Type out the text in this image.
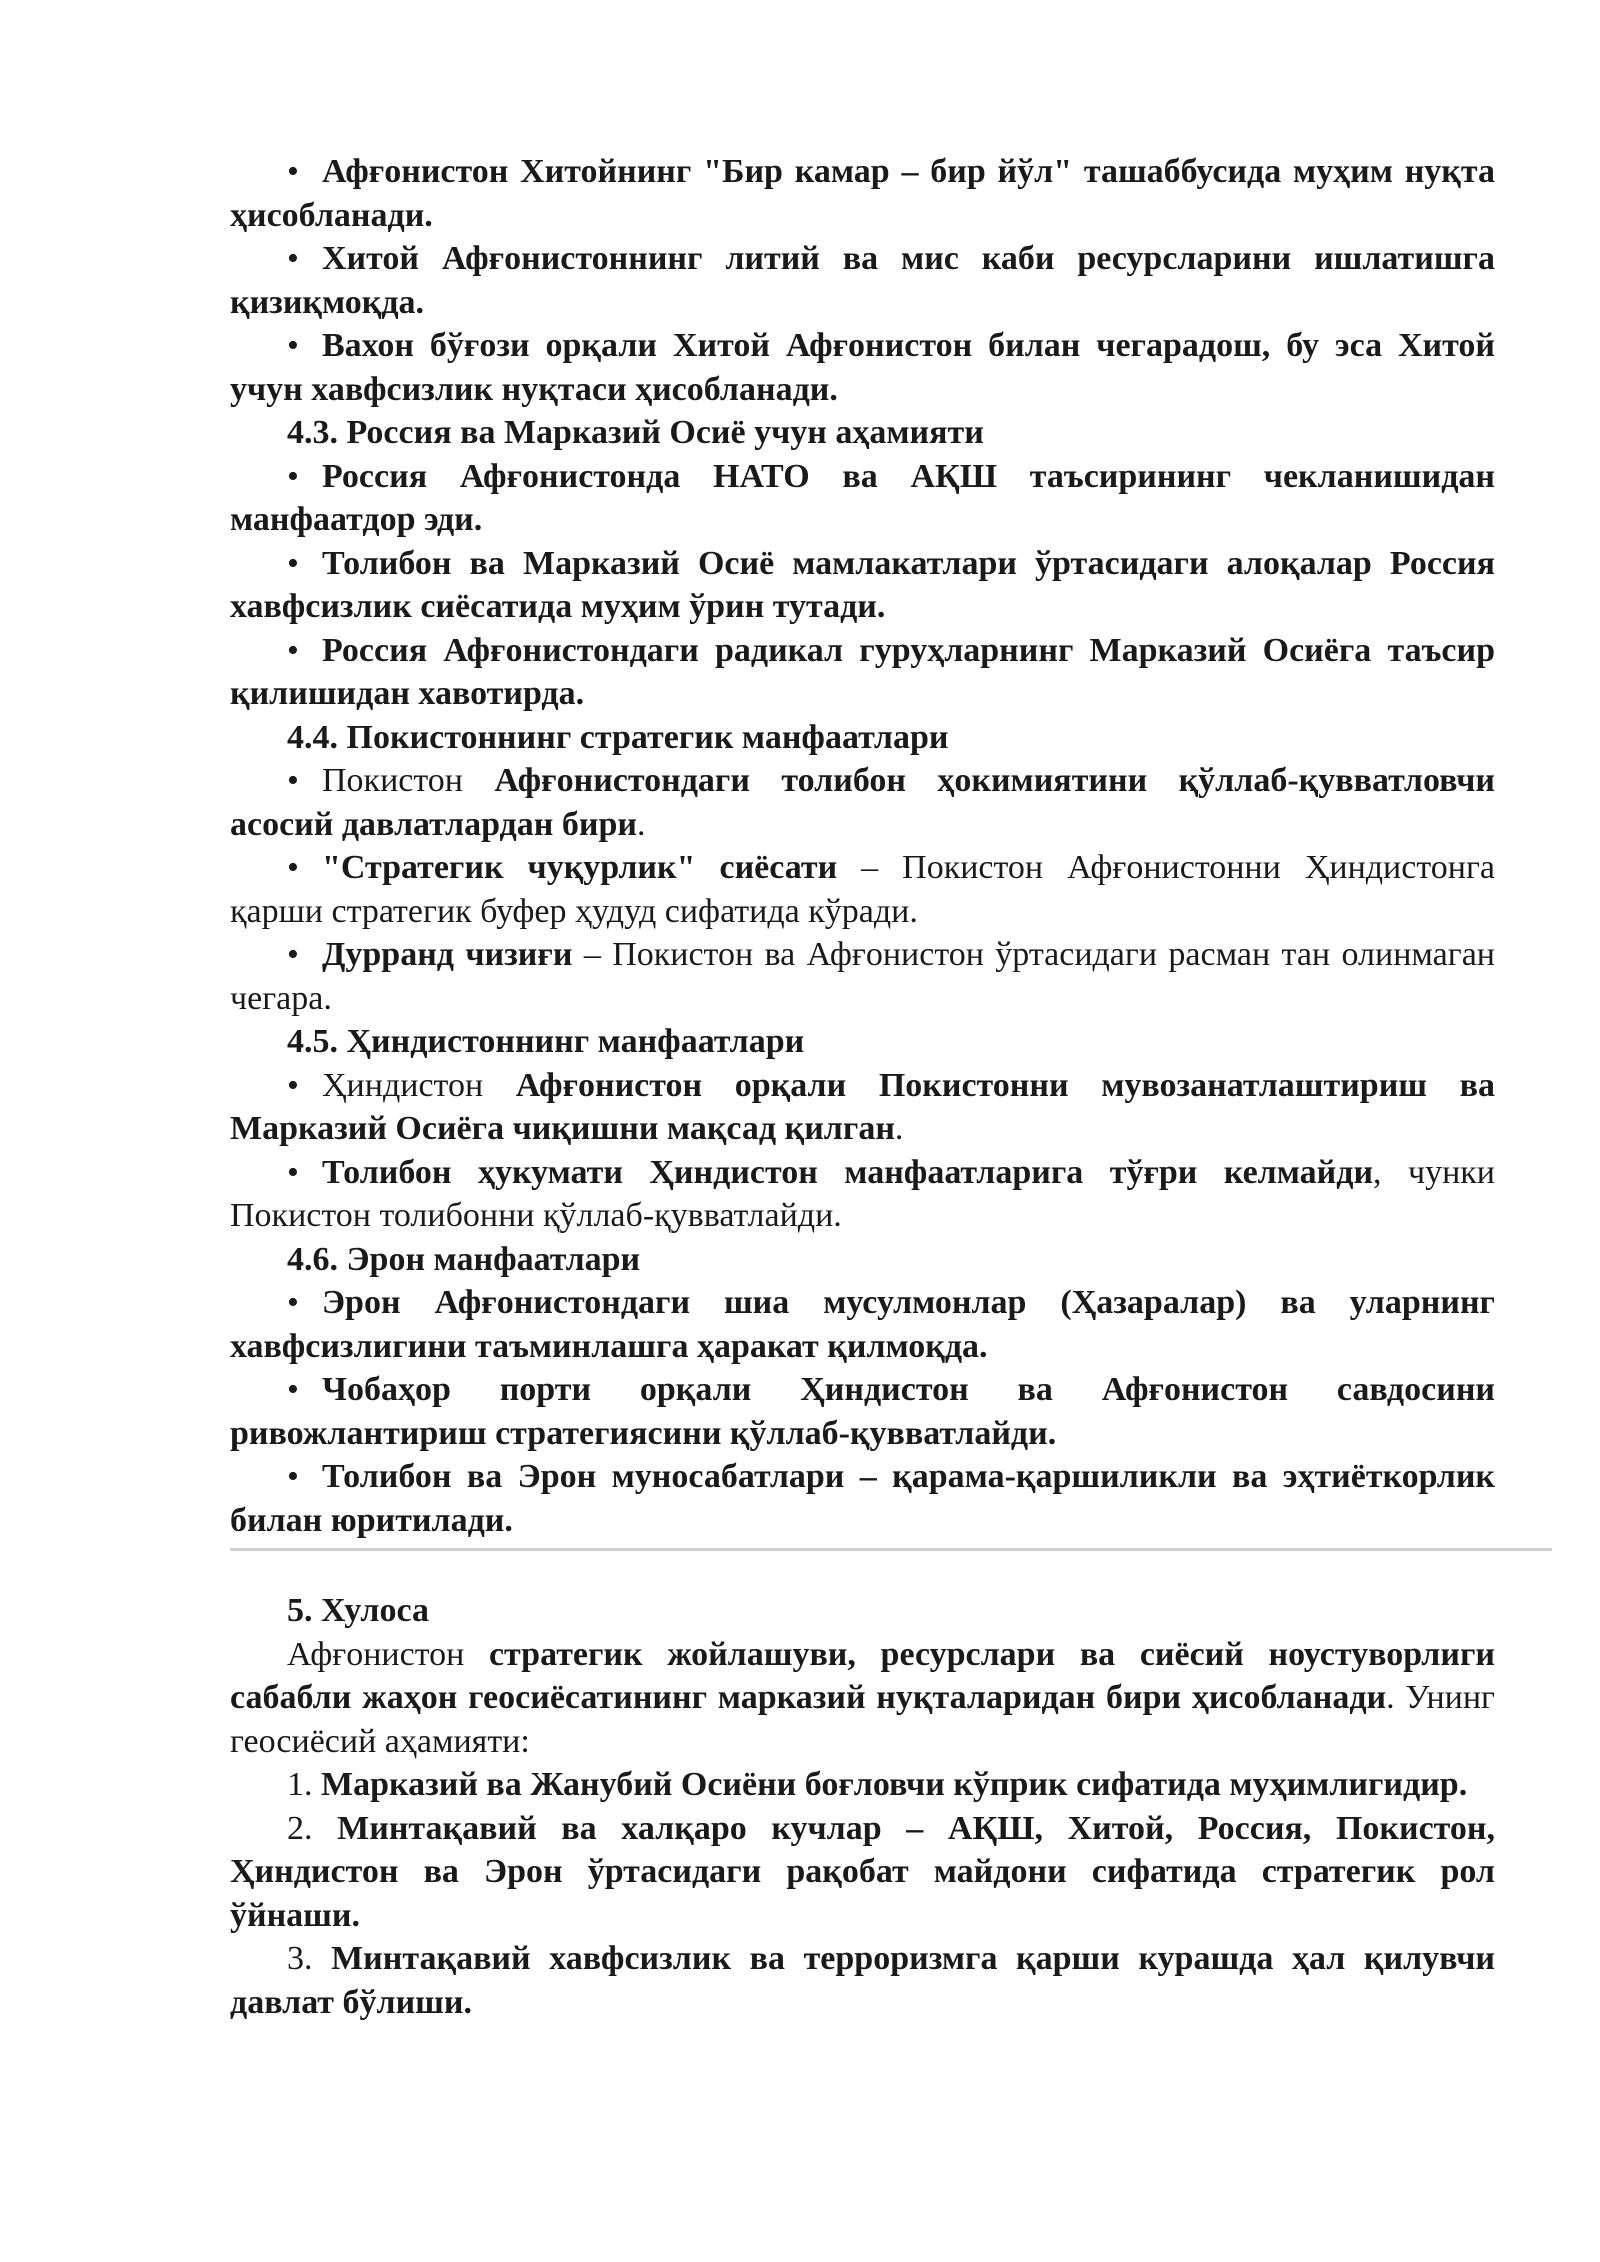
• Афғонистон Хитойнинг "Бир камар – бир йўл" ташаббусида муҳим нуқта ҳисобланади.

• Хитой Афғонистоннинг литий ва мис каби ресурсларини ишлатишга қизиқмоқда.

• Вахон бўғози орқали Хитой Афғонистон билан чегарадош, бу эса Хитой учун хавфсизлик нуқтаси ҳисобланади.

4.3. Россия ва Марказий Осиё учун аҳамияти

• Россия Афғонистонда НАТО ва АҚШ таъсирининг чекланишидан манфаатдор эди.

• Толибон ва Марказий Осиё мамлакатлари ўртасидаги алоқалар Россия хавфсизлик сиёсатида муҳим ўрин тутади.

• Россия Афғонистондаги радикал гуруҳларнинг Марказий Осиёга таъсир қилишидан хавотирда.

4.4. Покистоннинг стратегик манфаатлари

• Покистон Афғонистондаги толибон ҳокимиятини қўллаб-қувватловчи асосий давлатлардан бири.

• "Стратегик чуқурлик" сиёсати – Покистон Афғонистонни Ҳиндистонга қарши стратегик буфер ҳудуд сифатида кўради.

• Дурранд чизиғи – Покистон ва Афғонистон ўртасидаги расман тан олинмаган чегара.

4.5. Ҳиндистоннинг манфаатлари

• Ҳиндистон Афғонистон орқали Покистонни мувозанатлаштириш ва Марказий Осиёга чиқишни мақсад қилган.

• Толибон ҳукумати Ҳиндистон манфаатларига тўғри келмайди, чунки Покистон толибонни қўллаб-қувватлайди.

4.6. Эрон манфаатлари

• Эрон Афғонистондаги шиа мусулмонлар (Ҳазаралар) ва уларнинг хавфсизлигини таъминлашга ҳаракат қилмоқда.

• Чобаҳор порти орқали Ҳиндистон ва Афғонистон савдосини ривожлантириш стратегиясини қўллаб-қувватлайди.

• Толибон ва Эрон муносабатлари – қарама-қаршиликли ва эҳтиёткорлик билан юритилади.

5. Хулоса

Афғонистон стратегик жойлашуви, ресурслари ва сиёсий ноустуворлиги сабабли жаҳон геосиёсатининг марказий нуқталаридан бири ҳисобланади. Унинг геосиёсий аҳамияти:

1. Марказий ва Жанубий Осиёни боғловчи кўприк сифатида муҳимлигидир.

2. Минтақавий ва халқаро кучлар – АҚШ, Хитой, Россия, Покистон, Ҳиндистон ва Эрон ўртасидаги рақобат майдони сифатида стратегик рол ўйнаши.

3. Минтақавий хавфсизлик ва терроризмга қарши курашда ҳал қилувчи давлат бўлиши.
